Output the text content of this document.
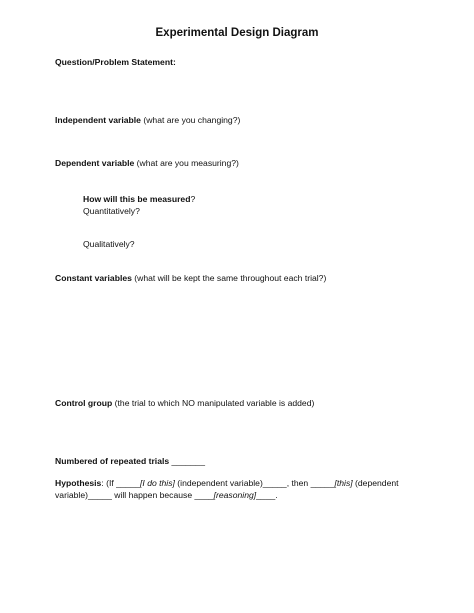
Experimental Design Diagram
Question/Problem Statement:
Independent variable (what are you changing?)
Dependent variable (what are you measuring?)
How will this be measured?
Quantitatively?
Qualitatively?
Constant variables (what will be kept the same throughout each trial?)
Control group (the trial to which NO manipulated variable is added)
Numbered of repeated trials _______
Hypothesis: (If _____[I do this] (independent variable)_____, then _____[this] (dependent
variable)_____ will happen because ____[reasoning]____.
